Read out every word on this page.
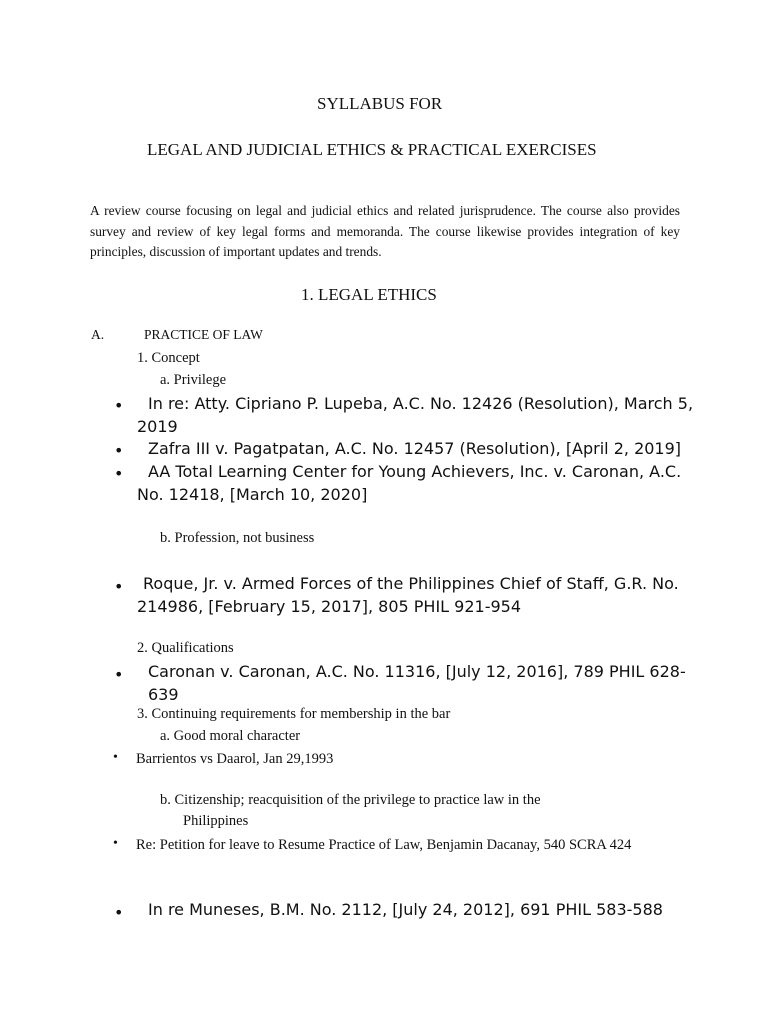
SYLLABUS FOR
LEGAL AND JUDICIAL ETHICS & PRACTICAL EXERCISES
A review course focusing on legal and judicial ethics and related jurisprudence. The course also provides survey and review of key legal forms and memoranda. The course likewise provides integration of key principles, discussion of important updates and trends.
1. LEGAL ETHICS
A.	PRACTICE OF LAW
1. Concept
a. Privilege
•	In re: Atty. Cipriano P. Lupeba, A.C. No. 12426 (Resolution), March 5, 2019
•	Zafra III v. Pagatpatan, A.C. No. 12457 (Resolution), [April 2, 2019]
•	AA Total Learning Center for Young Achievers, Inc. v. Caronan, A.C. No. 12418, [March 10, 2020]
b. Profession, not business
•	Roque, Jr. v. Armed Forces of the Philippines Chief of Staff, G.R. No. 214986, [February 15, 2017], 805 PHIL 921-954
2. Qualifications
• Caronan v. Caronan, A.C. No. 11316, [July 12, 2016], 789 PHIL 628-639
3. Continuing requirements for membership in the bar
a. Good moral character
• Barrientos vs Daarol, Jan 29,1993
b. Citizenship; reacquisition of the privilege to practice law in the
Philippines
• Re: Petition for leave to Resume Practice of Law, Benjamin Dacanay, 540 SCRA 424
• In re Muneses, B.M. No. 2112, [July 24, 2012], 691 PHIL 583-588
